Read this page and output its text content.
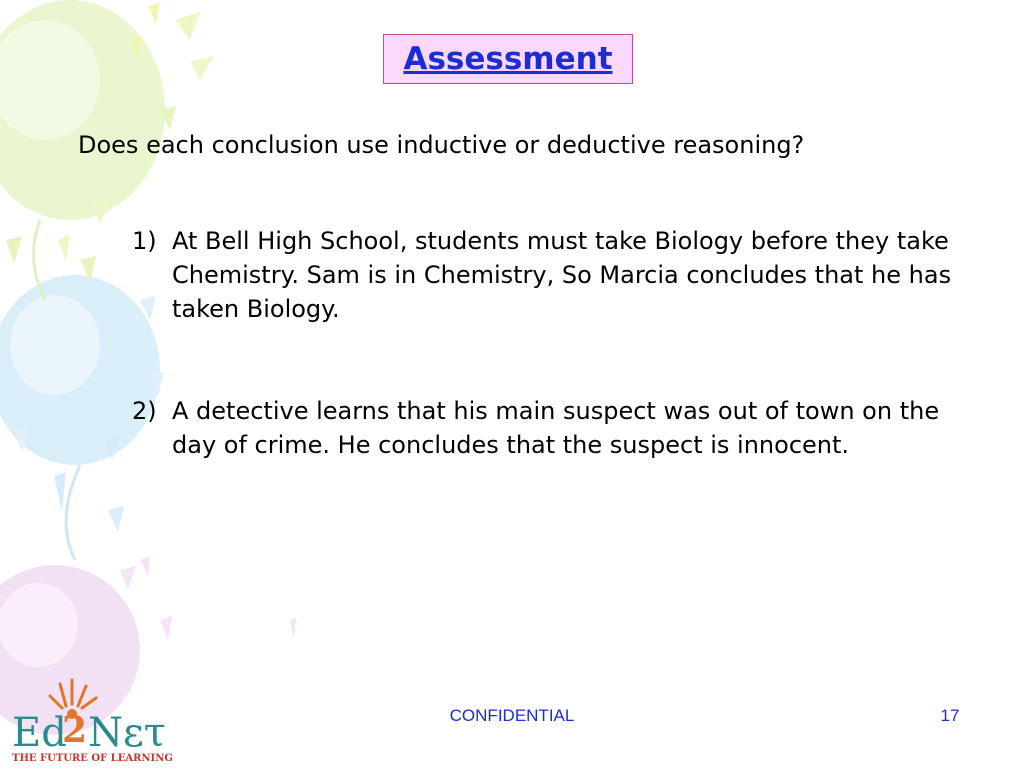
Assessment
Does each conclusion use inductive or deductive reasoning?
1) At Bell High School, students must take Biology before they take Chemistry. Sam is in Chemistry, So Marcia concludes that he has taken Biology.
2) A detective learns that his main suspect was out of town on the day of crime. He concludes that the suspect is innocent.
CONFIDENTIAL	17
Ed
2 Nετ
THE FUTURE OF LEARNING
